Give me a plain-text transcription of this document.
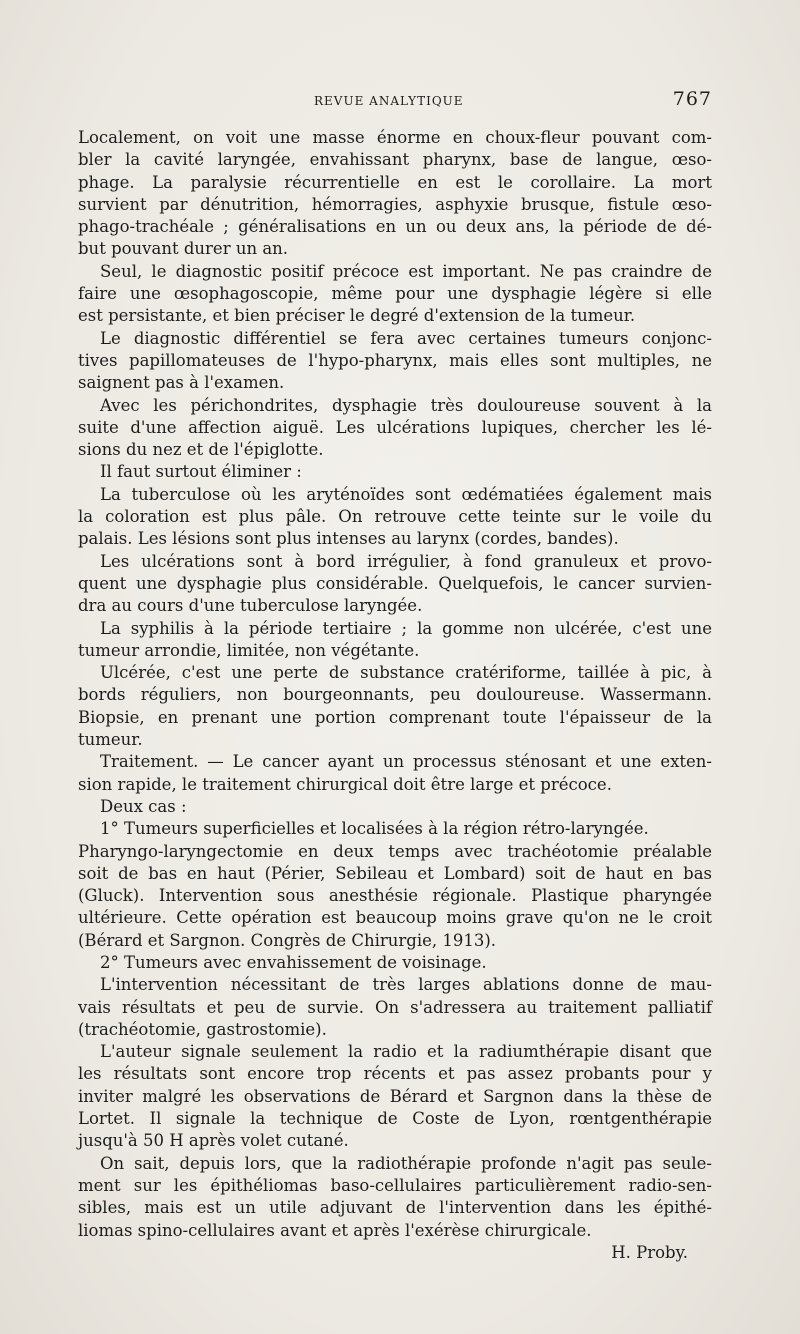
REVUE ANALYTIQUE	767
Localement, on voit une masse énorme en choux-fleur pouvant com-
bler la cavité laryngée, envahissant pharynx, base de langue, œso-
phage. La paralysie récurrentielle en est le corollaire. La mort
survient par dénutrition, hémorragies, asphyxie brusque, fistule œso-
phago-trachéale ; généralisations en un ou deux ans, la période de dé-
but pouvant durer un an.
Seul, le diagnostic positif précoce est important. Ne pas craindre de
faire une œsophagoscopie, même pour une dysphagie légère si elle
est persistante, et bien préciser le degré d'extension de la tumeur.
Le diagnostic différentiel se fera avec certaines tumeurs conjonc-
tives papillomateuses de l'hypo-pharynx, mais elles sont multiples, ne
saignent pas à l'examen.
Avec les périchondrites, dysphagie très douloureuse souvent à la
suite d'une affection aiguë. Les ulcérations lupiques, chercher les lé-
sions du nez et de l'épiglotte.
Il faut surtout éliminer :
La tuberculose où les aryténoïdes sont œdématiées également mais
la coloration est plus pâle. On retrouve cette teinte sur le voile du
palais. Les lésions sont plus intenses au larynx (cordes, bandes).
Les ulcérations sont à bord irrégulier, à fond granuleux et provo-
quent une dysphagie plus considérable. Quelquefois, le cancer survien-
dra au cours d'une tuberculose laryngée.
La syphilis à la période tertiaire ; la gomme non ulcérée, c'est une
tumeur arrondie, limitée, non végétante.
Ulcérée, c'est une perte de substance cratériforme, taillée à pic, à
bords réguliers, non bourgeonnants, peu douloureuse. Wassermann.
Biopsie, en prenant une portion comprenant toute l'épaisseur de la
tumeur.
Traitement. — Le cancer ayant un processus sténosant et une exten-
sion rapide, le traitement chirurgical doit être large et précoce.
Deux cas :
1° Tumeurs superficielles et localisées à la région rétro-laryngée.
Pharyngo-laryngectomie en deux temps avec trachéotomie préalable
soit de bas en haut (Périer, Sebileau et Lombard) soit de haut en bas
(Gluck). Intervention sous anesthésie régionale. Plastique pharyngée
ultérieure. Cette opération est beaucoup moins grave qu'on ne le croit
(Bérard et Sargnon. Congrès de Chirurgie, 1913).
2° Tumeurs avec envahissement de voisinage.
L'intervention nécessitant de très larges ablations donne de mau-
vais résultats et peu de survie. On s'adressera au traitement palliatif
(trachéotomie, gastrostomie).
L'auteur signale seulement la radio et la radiumthérapie disant que
les résultats sont encore trop récents et pas assez probants pour y
inviter malgré les observations de Bérard et Sargnon dans la thèse de
Lortet. Il signale la technique de Coste de Lyon, rœntgenthérapie
jusqu'à 50 H après volet cutané.
On sait, depuis lors, que la radiothérapie profonde n'agit pas seule-
ment sur les épithéliomas baso-cellulaires particulièrement radio-sen-
sibles, mais est un utile adjuvant de l'intervention dans les épithé-
liomas spino-cellulaires avant et après l'exérèse chirurgicale.
H. Proby.
